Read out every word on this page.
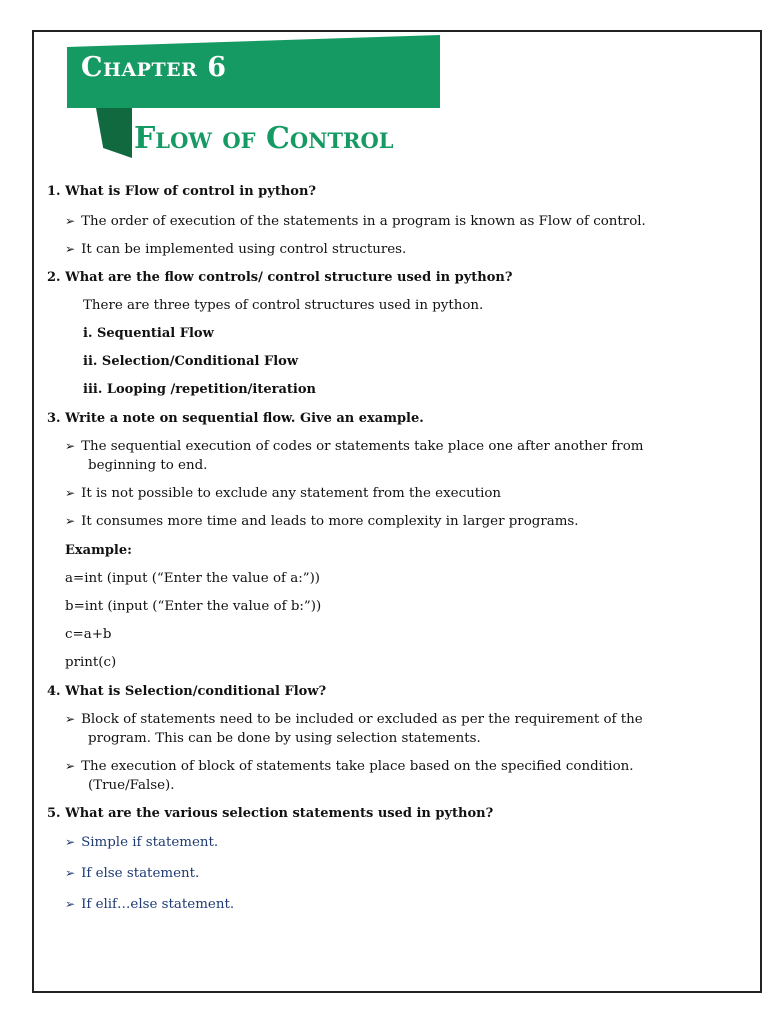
Chapter 6
Flow of Control
1. What is Flow of control in python?
➢ The order of execution of the statements in a program is known as Flow of control.
➢ It can be implemented using control structures.
2. What are the flow controls/ control structure used in python?
There are three types of control structures used in python.
i. Sequential Flow
ii. Selection/Conditional Flow
iii. Looping /repetition/iteration
3. Write a note on sequential flow. Give an example.
➢ The sequential execution of codes or statements take place one after another from
beginning to end.
➢ It is not possible to exclude any statement from the execution
➢ It consumes more time and leads to more complexity in larger programs.
Example:
a=int (input (“Enter the value of a:”))
b=int (input (“Enter the value of b:”))
c=a+b
print(c)
4. What is Selection/conditional Flow?
➢ Block of statements need to be included or excluded as per the requirement of the
program. This can be done by using selection statements.
➢ The execution of block of statements take place based on the specified condition.
(True/False).
5. What are the various selection statements used in python?
➢ Simple if statement.
➢ If else statement.
➢ If elif…else statement.
